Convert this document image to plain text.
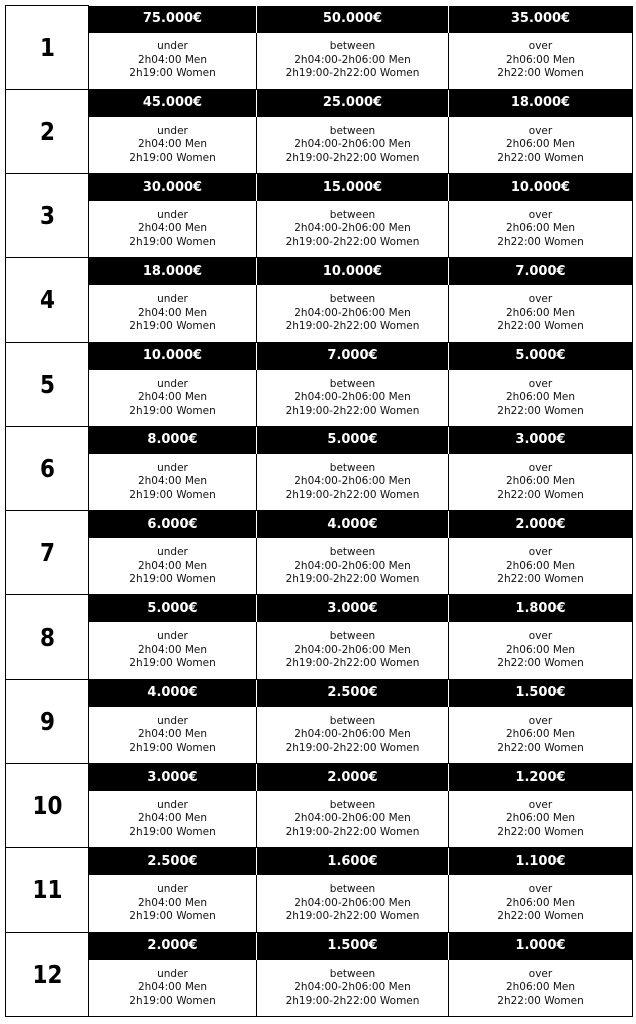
1	75.000€	50.000€	35.000€

	under
2h04:00 Men
2h19:00 Women	between
2h04:00-2h06:00 Men
2h19:00-2h22:00 Women	over
2h06:00 Men
2h22:00 Women

2	45.000€	25.000€	18.000€

	under
2h04:00 Men
2h19:00 Women	between
2h04:00-2h06:00 Men
2h19:00-2h22:00 Women	over
2h06:00 Men
2h22:00 Women

3	30.000€	15.000€	10.000€

	under
2h04:00 Men
2h19:00 Women	between
2h04:00-2h06:00 Men
2h19:00-2h22:00 Women	over
2h06:00 Men
2h22:00 Women

4	18.000€	10.000€	7.000€

	under
2h04:00 Men
2h19:00 Women	between
2h04:00-2h06:00 Men
2h19:00-2h22:00 Women	over
2h06:00 Men
2h22:00 Women

5	10.000€	7.000€	5.000€

	under
2h04:00 Men
2h19:00 Women	between
2h04:00-2h06:00 Men
2h19:00-2h22:00 Women	over
2h06:00 Men
2h22:00 Women

6	8.000€	5.000€	3.000€

	under
2h04:00 Men
2h19:00 Women	between
2h04:00-2h06:00 Men
2h19:00-2h22:00 Women	over
2h06:00 Men
2h22:00 Women

7	6.000€	4.000€	2.000€

	under
2h04:00 Men
2h19:00 Women	between
2h04:00-2h06:00 Men
2h19:00-2h22:00 Women	over
2h06:00 Men
2h22:00 Women

8	5.000€	3.000€	1.800€

	under
2h04:00 Men
2h19:00 Women	between
2h04:00-2h06:00 Men
2h19:00-2h22:00 Women	over
2h06:00 Men
2h22:00 Women

9	4.000€	2.500€	1.500€

	under
2h04:00 Men
2h19:00 Women	between
2h04:00-2h06:00 Men
2h19:00-2h22:00 Women	over
2h06:00 Men
2h22:00 Women

10	3.000€	2.000€	1.200€

	under
2h04:00 Men
2h19:00 Women	between
2h04:00-2h06:00 Men
2h19:00-2h22:00 Women	over
2h06:00 Men
2h22:00 Women

11	2.500€	1.600€	1.100€

	under
2h04:00 Men
2h19:00 Women	between
2h04:00-2h06:00 Men
2h19:00-2h22:00 Women	over
2h06:00 Men
2h22:00 Women

12	2.000€	1.500€	1.000€

	under
2h04:00 Men
2h19:00 Women	between
2h04:00-2h06:00 Men
2h19:00-2h22:00 Women	over
2h06:00 Men
2h22:00 Women
